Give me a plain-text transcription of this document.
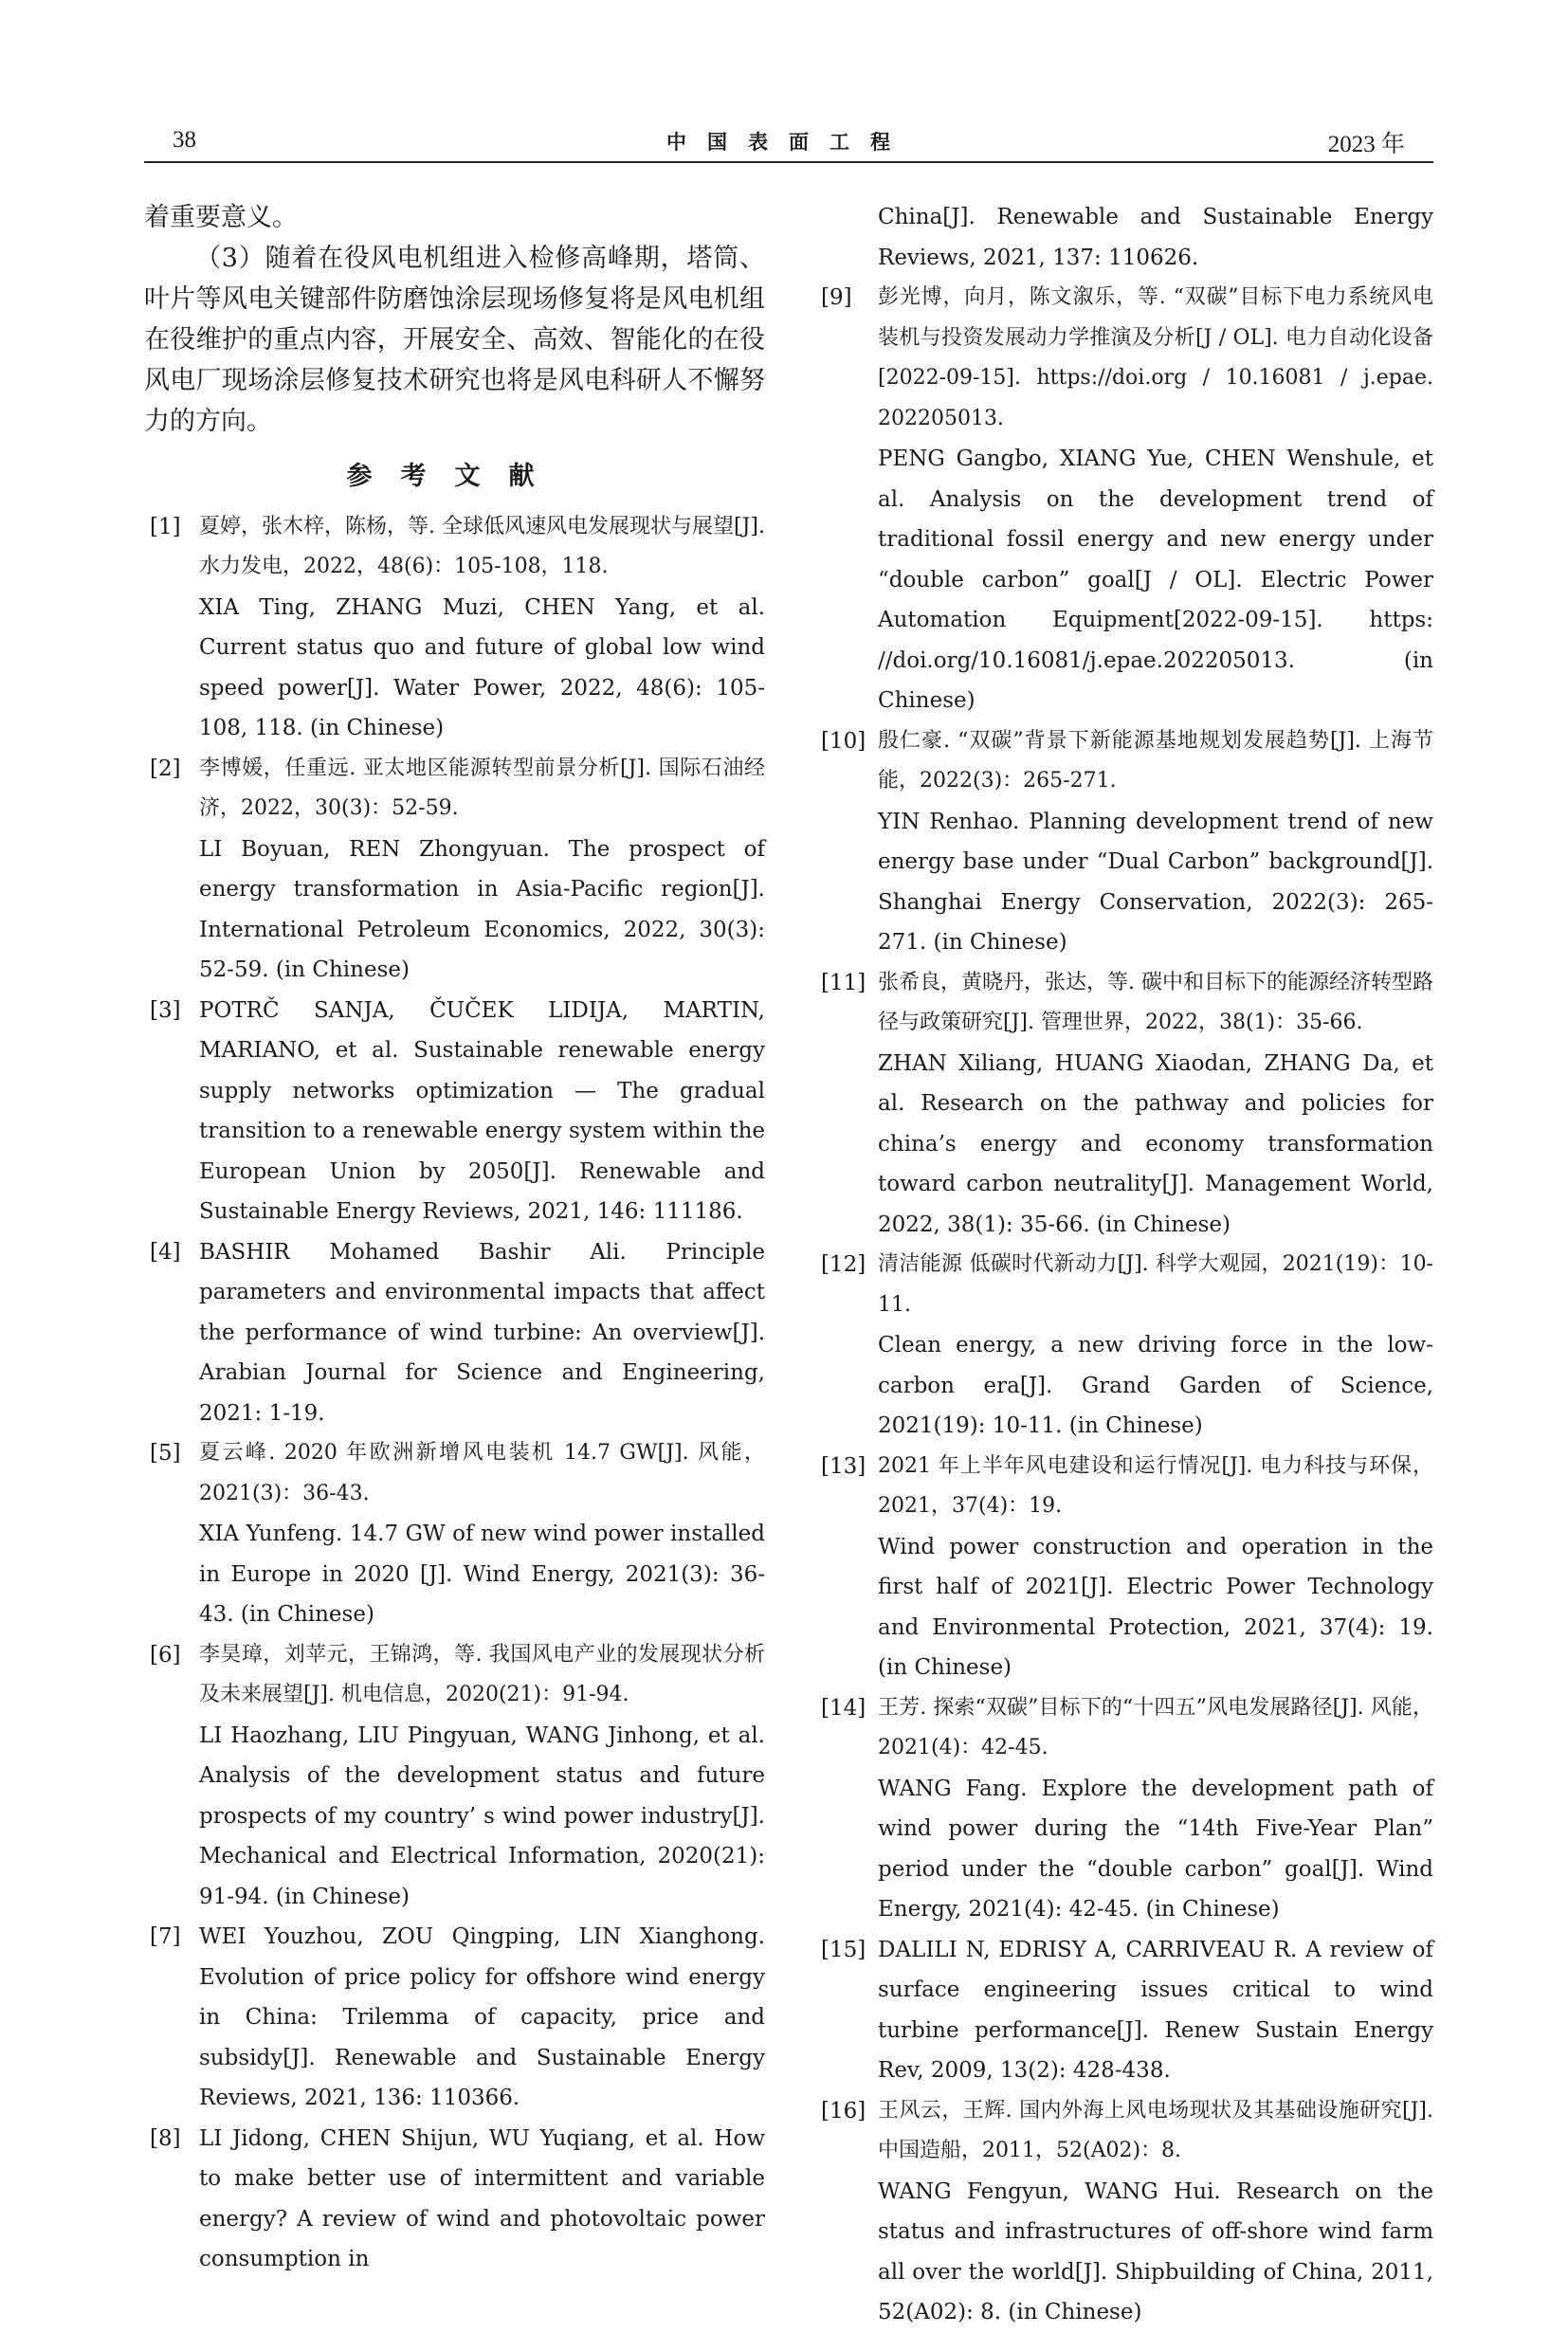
38	中国表面工程	2023 年

着重要意义。

（3）随着在役风电机组进入检修高峰期，塔筒、叶片等风电关键部件防磨蚀涂层现场修复将是风电机组在役维护的重点内容，开展安全、高效、智能化的在役风电厂现场涂层修复技术研究也将是风电科研人不懈努力的方向。

参考文献
[1] 夏婷，张木梓，陈杨，等. 全球低风速风电发展现状与展望[J]. 水力发电，2022，48(6)：105-108，118.
XIA Ting, ZHANG Muzi, CHEN Yang, et al. Current status quo and future of global low wind speed power[J]. Water Power, 2022, 48(6): 105-108, 118. (in Chinese)
[2] 李博媛，任重远. 亚太地区能源转型前景分析[J]. 国际石油经济，2022，30(3)：52-59.
LI Boyuan, REN Zhongyuan. The prospect of energy transformation in Asia-Pacific region[J]. International Petroleum Economics, 2022, 30(3): 52-59. (in Chinese)
[3] POTRČ SANJA, ČUČEK LIDIJA, MARTIN, MARIANO, et al. Sustainable renewable energy supply networks optimization — The gradual transition to a renewable energy system within the European Union by 2050[J]. Renewable and Sustainable Energy Reviews, 2021, 146: 111186.
[4] BASHIR Mohamed Bashir Ali. Principle parameters and environmental impacts that affect the performance of wind turbine: An overview[J]. Arabian Journal for Science and Engineering, 2021: 1-19.
[5] 夏云峰. 2020 年欧洲新增风电装机 14.7 GW[J]. 风能，2021(3)：36-43.
XIA Yunfeng. 14.7 GW of new wind power installed in Europe in 2020 [J]. Wind Energy, 2021(3): 36-43. (in Chinese)
[6] 李昊璋，刘苹元，王锦鸿，等. 我国风电产业的发展现状分析及未来展望[J]. 机电信息，2020(21)：91-94.
LI Haozhang, LIU Pingyuan, WANG Jinhong, et al. Analysis of the development status and future prospects of my country’ s wind power industry[J]. Mechanical and Electrical Information, 2020(21): 91-94. (in Chinese)
[7] WEI Youzhou, ZOU Qingping, LIN Xianghong. Evolution of price policy for offshore wind energy in China: Trilemma of capacity, price and subsidy[J]. Renewable and Sustainable Energy Reviews, 2021, 136: 110366.
[8] LI Jidong, CHEN Shijun, WU Yuqiang, et al. How to make better use of intermittent and variable energy? A review of wind and photovoltaic power consumption in

China[J]. Renewable and Sustainable Energy Reviews, 2021, 137: 110626.

[9] 彭光博，向月，陈文溆乐，等. “双碳”目标下电力系统风电装机与投资发展动力学推演及分析[J / OL]. 电力自动化设备[2022-09-15]. https://doi.org / 10.16081 / j.epae. 202205013.
PENG Gangbo, XIANG Yue, CHEN Wenshule, et al. Analysis on the development trend of traditional fossil energy and new energy under “double carbon” goal[J / OL]. Electric Power Automation Equipment[2022-09-15]. https: //doi.org/10.16081/j.epae.202205013. (in Chinese)
[10] 殷仁豪. “双碳”背景下新能源基地规划发展趋势[J]. 上海节能，2022(3)：265-271.
YIN Renhao. Planning development trend of new energy base under “Dual Carbon” background[J]. Shanghai Energy Conservation, 2022(3): 265-271. (in Chinese)
[11] 张希良，黄晓丹，张达，等. 碳中和目标下的能源经济转型路径与政策研究[J]. 管理世界，2022，38(1)：35-66.
ZHAN Xiliang, HUANG Xiaodan, ZHANG Da, et al. Research on the pathway and policies for china’s energy and economy transformation toward carbon neutrality[J]. Management World, 2022, 38(1): 35-66. (in Chinese)
[12] 清洁能源 低碳时代新动力[J]. 科学大观园，2021(19)：10-11.
Clean energy, a new driving force in the low-carbon era[J]. Grand Garden of Science, 2021(19): 10-11. (in Chinese)
[13] 2021 年上半年风电建设和运行情况[J]. 电力科技与环保，2021，37(4)：19.
Wind power construction and operation in the first half of 2021[J]. Electric Power Technology and Environmental Protection, 2021, 37(4): 19. (in Chinese)
[14] 王芳. 探索“双碳”目标下的“十四五”风电发展路径[J]. 风能，2021(4)：42-45.
WANG Fang. Explore the development path of wind power during the “14th Five-Year Plan” period under the “double carbon” goal[J]. Wind Energy, 2021(4): 42-45. (in Chinese)
[15] DALILI N, EDRISY A, CARRIVEAU R. A review of surface engineering issues critical to wind turbine performance[J]. Renew Sustain Energy Rev, 2009, 13(2): 428-438.
[16] 王风云，王辉. 国内外海上风电场现状及其基础设施研究[J]. 中国造船，2011，52(A02)：8.
WANG Fengyun, WANG Hui. Research on the status and infrastructures of off-shore wind farm all over the world[J]. Shipbuilding of China, 2011, 52(A02): 8. (in Chinese)
